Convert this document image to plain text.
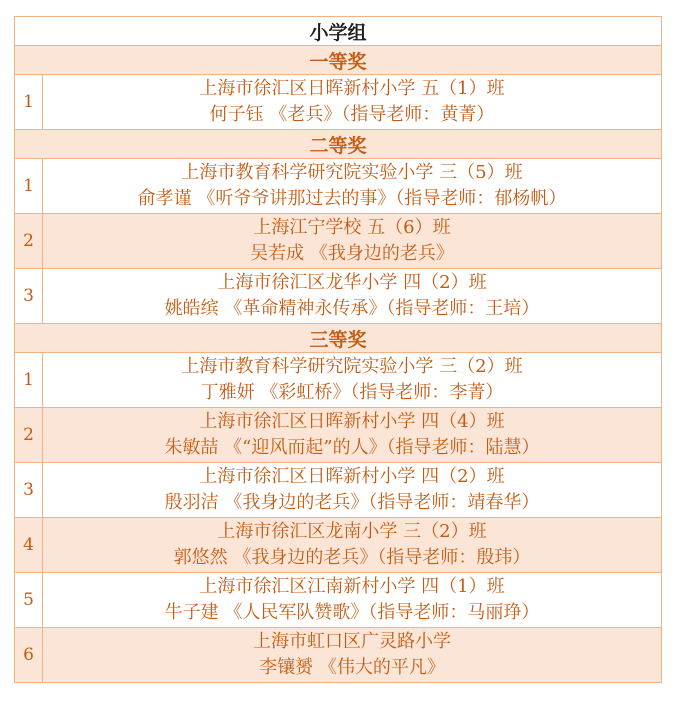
小学组	
一等奖	
1	上海市徐汇区日晖新村小学 五（1）班
何子钰 《老兵》（指导老师：黄菁）

二等奖	
1	上海市教育科学研究院实验小学 三（5）班
俞孝谨 《听爷爷讲那过去的事》（指导老师：郁杨帆）

2	上海江宁学校 五（6）班
吴若成 《我身边的老兵》

3	上海市徐汇区龙华小学 四（2）班
姚皓缤 《革命精神永传承》（指导老师：王培）

三等奖	
1	上海市教育科学研究院实验小学 三（2）班
丁雅妍 《彩虹桥》（指导老师：李菁）

2	上海市徐汇区日晖新村小学 四（4）班
朱敏喆 《“迎风而起”的人》（指导老师：陆慧）

3	上海市徐汇区日晖新村小学 四（2）班
殷羽洁 《我身边的老兵》（指导老师：靖春华）

4	上海市徐汇区龙南小学 三（2）班
郭悠然 《我身边的老兵》（指导老师：殷玮）

5	上海市徐汇区江南新村小学 四（1）班
牛子建 《人民军队赞歌》（指导老师：马丽琤）

6	上海市虹口区广灵路小学
李镶赟 《伟大的平凡》
